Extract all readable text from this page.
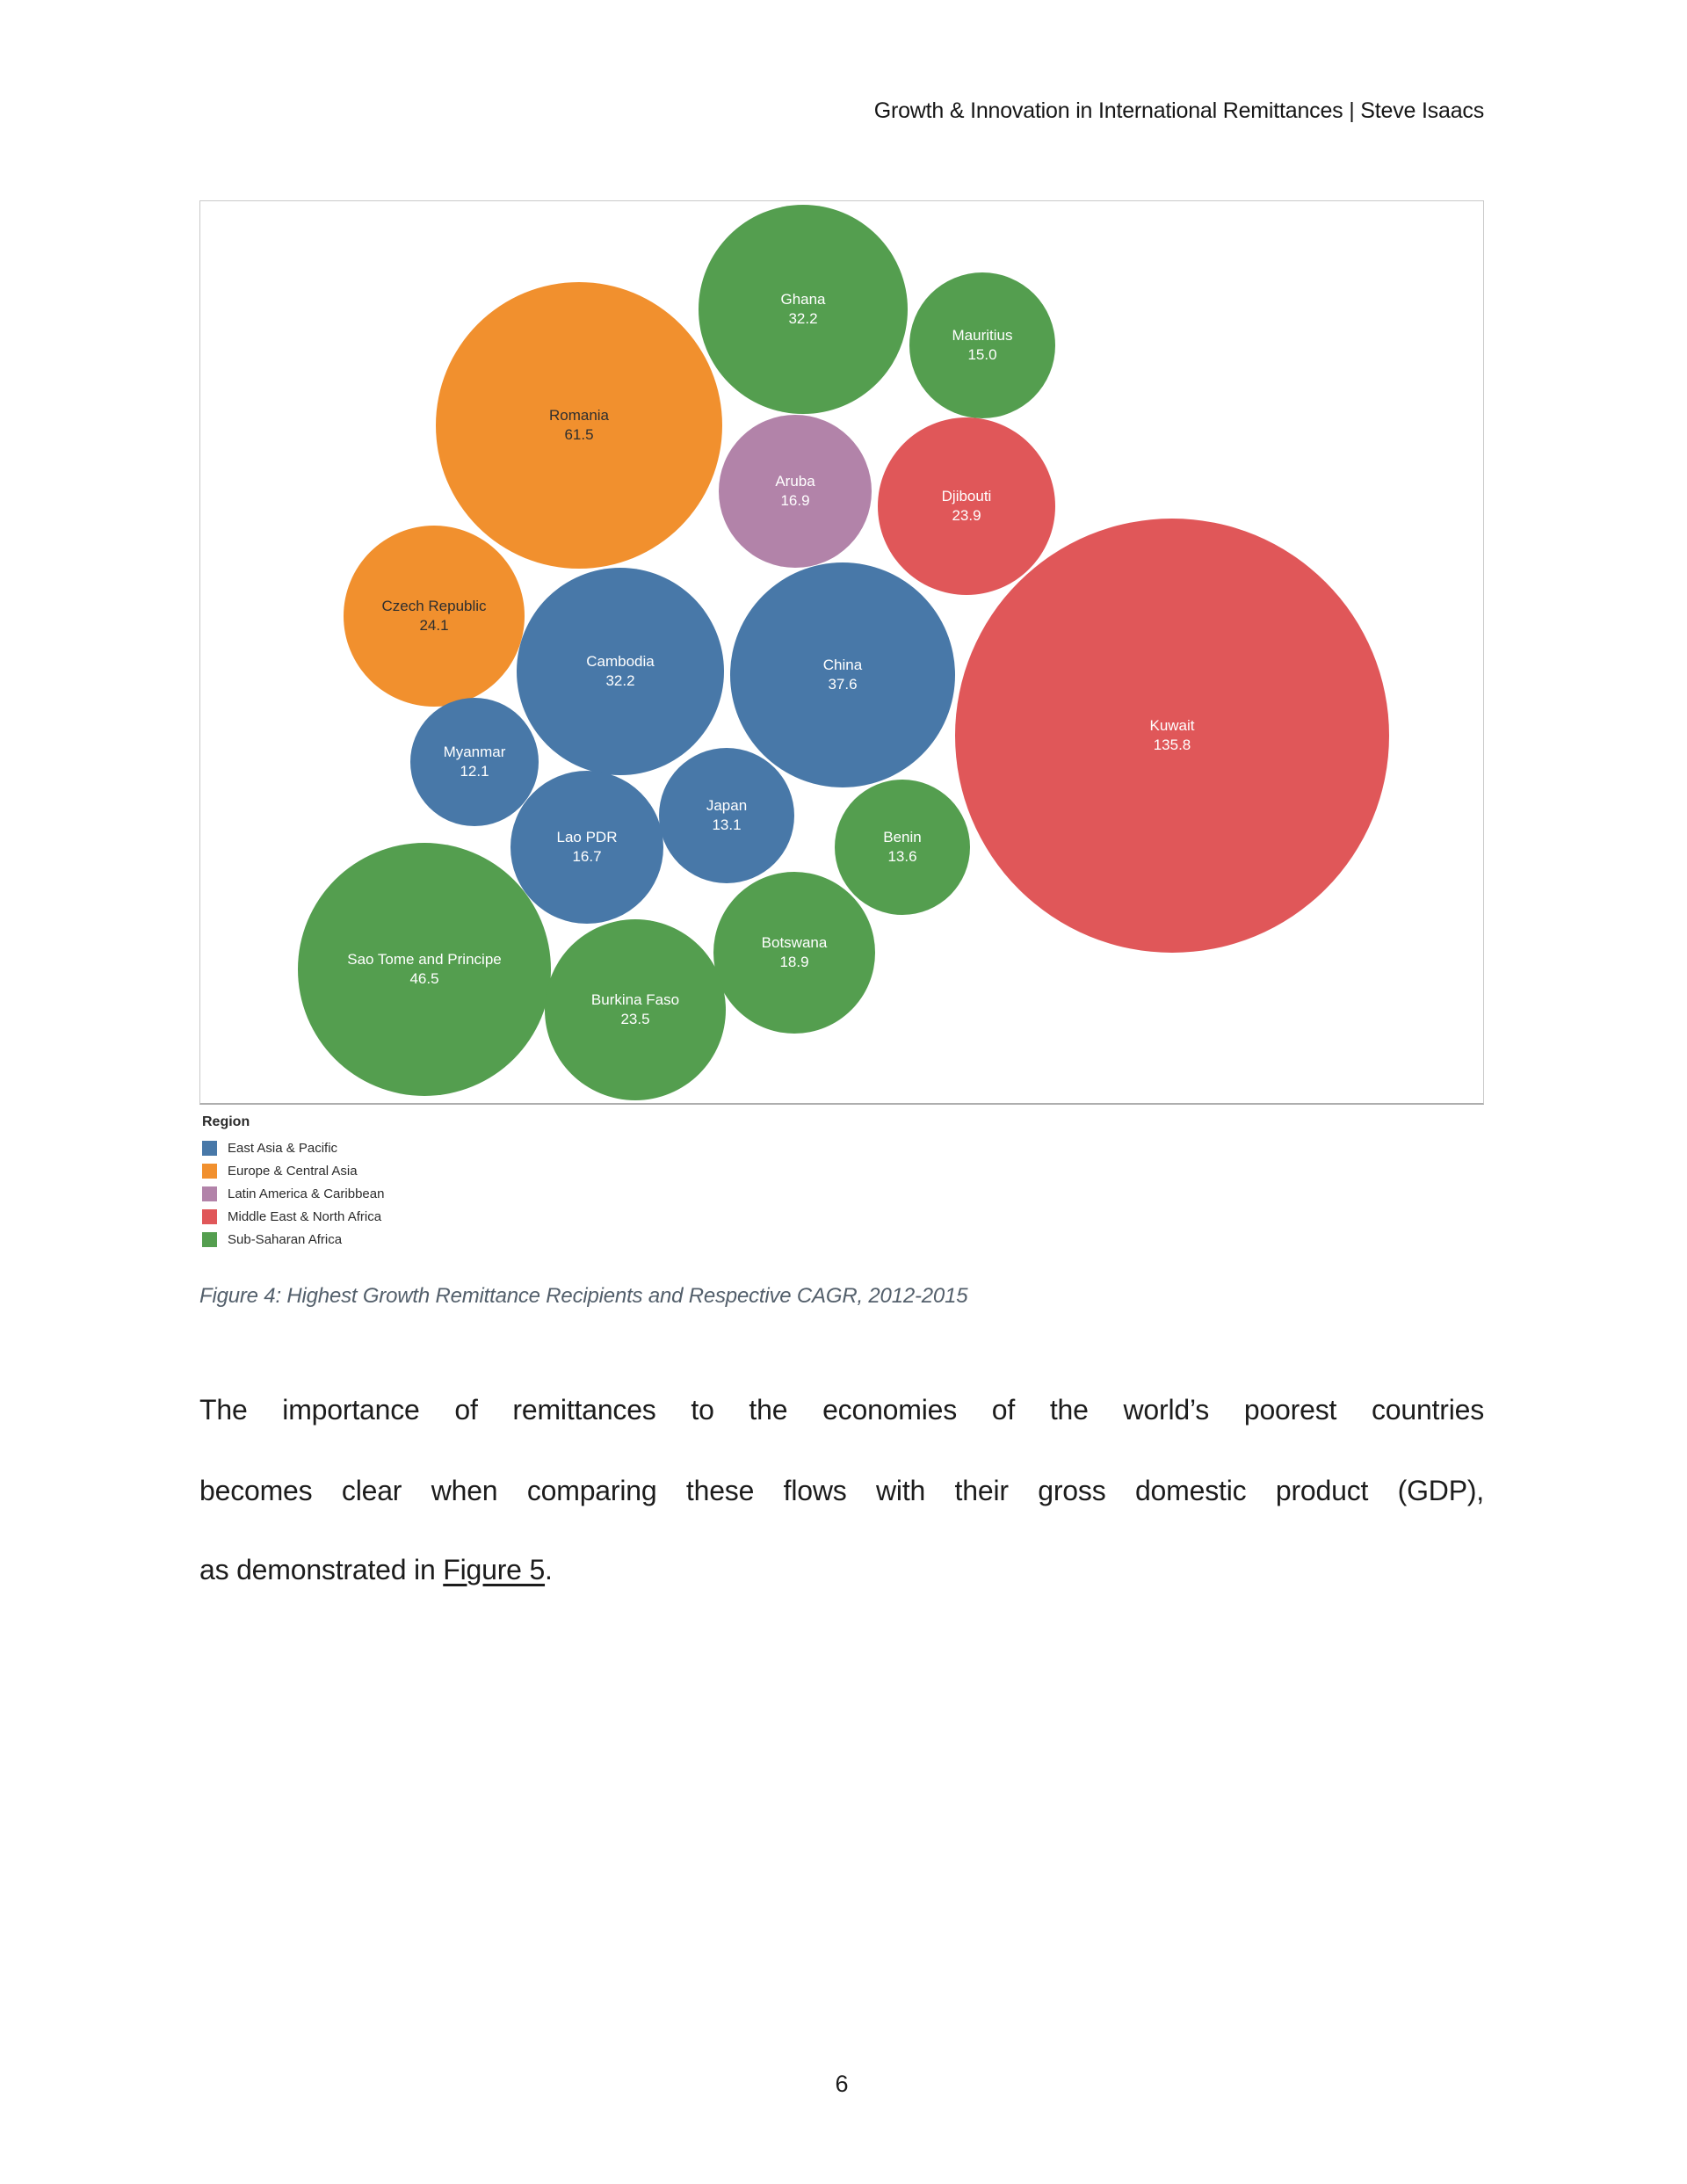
Growth & Innovation in International Remittances | Steve Isaacs
Ghana
32.2
Mauritius
15.0
Romania
61.5
Aruba
16.9	Djibouti
23.9
Czech Republic
24.1
Cambodia
32.2
China
37.6
Kuwait
135.8
Myanmar
12.1
Japan
13.1
Lao PDR
16.7
Benin
13.6
Botswana
18.9
Sao Tome and Principe
46.5
Burkina Faso
23.5
Region
East Asia & Pacific
Europe & Central Asia
Latin America & Caribbean
Middle East & North Africa
Sub-Saharan Africa
Figure 4: Highest Growth Remittance Recipients and Respective CAGR, 2012-2015
The importance of remittances to the economies of the world’s poorest countries
becomes clear when comparing these flows with their gross domestic product (GDP),
as demonstrated in Figure 5.
6
